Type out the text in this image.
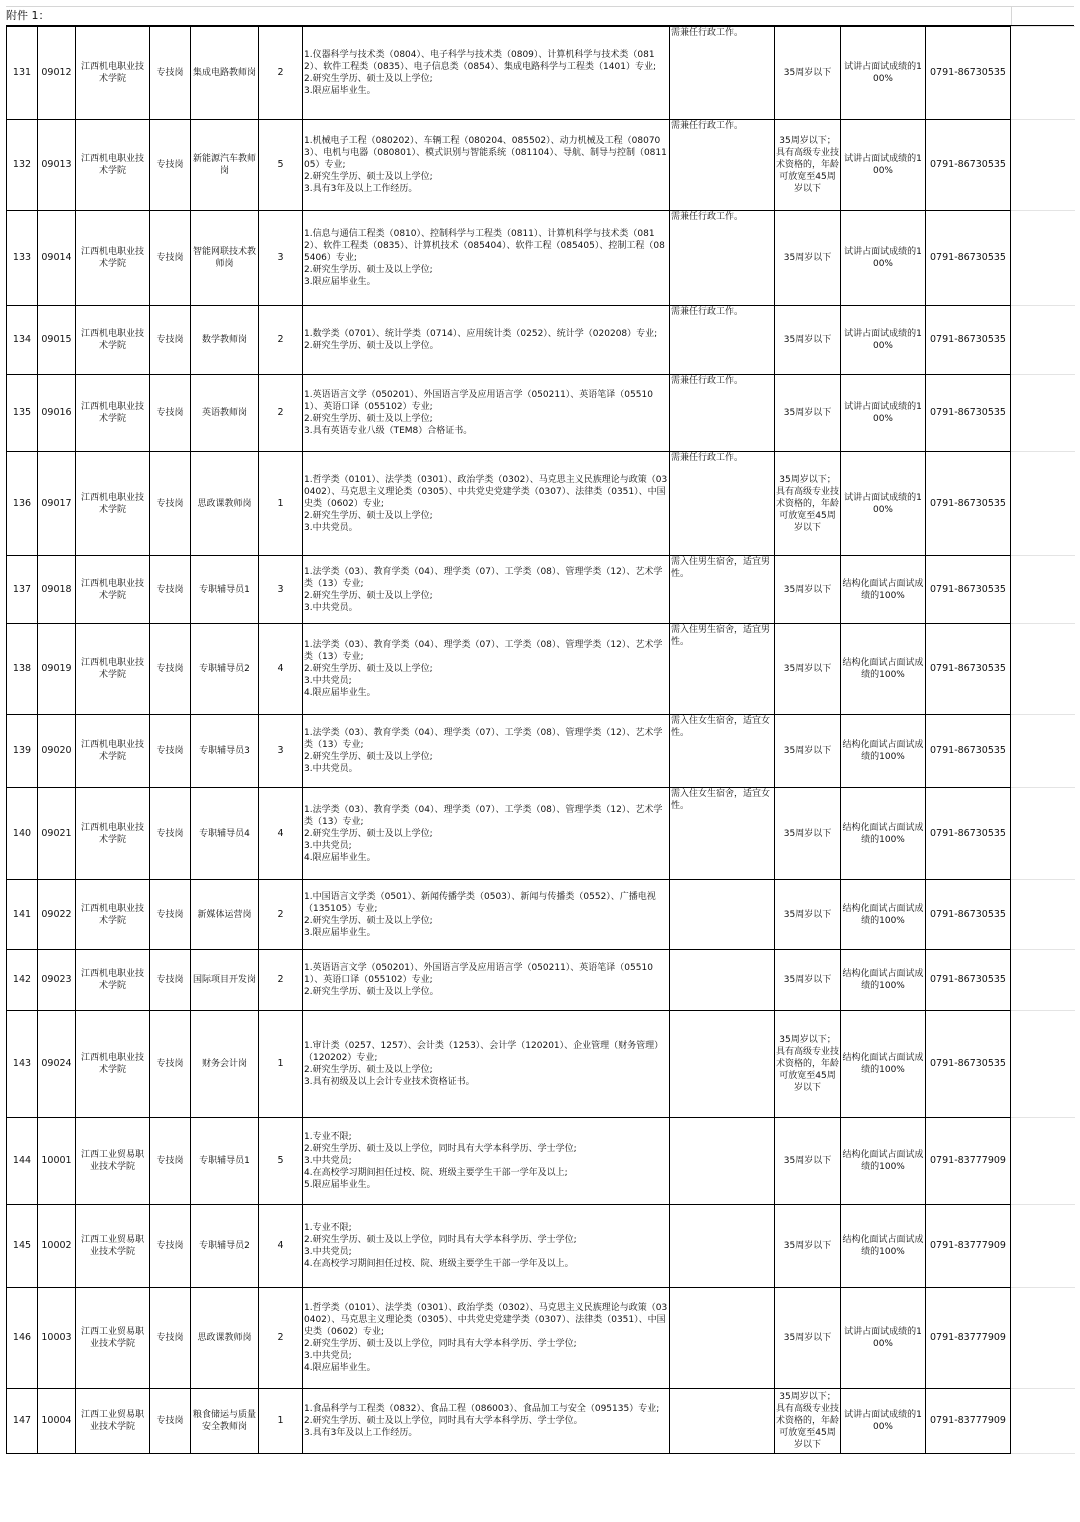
附件 1：
131	09012	江西机电职业技术学院	专技岗	集成电路教师岗	2	1.仪器科学与技术类（0804）、电子科学与技术类（0809）、计算机科学与技术类（0812）、软件工程类（0835）、电子信息类（0854）、集成电路科学与工程类（1401）专业;
2.研究生学历、硕士及以上学位;
3.限应届毕业生。	需兼任行政工作。	35周岁以下	试讲占面试成绩的100%	0791-86730535	
132	09013	江西机电职业技术学院	专技岗	新能源汽车教师岗	5	1.机械电子工程（080202）、车辆工程（080204、085502）、动力机械及工程（080703）、电机与电器（080801）、模式识别与智能系统（081104）、导航、制导与控制（081105）专业;
2.研究生学历、硕士及以上学位;
3.具有3年及以上工作经历。	需兼任行政工作。	35周岁以下；具有高级专业技术资格的，年龄可放宽至45周岁以下	试讲占面试成绩的100%	0791-86730535	
133	09014	江西机电职业技术学院	专技岗	智能网联技术教师岗	3	1.信息与通信工程类（0810）、控制科学与工程类（0811）、计算机科学与技术类（0812）、软件工程类（0835）、计算机技术（085404）、软件工程（085405）、控制工程（085406）专业;
2.研究生学历、硕士及以上学位;
3.限应届毕业生。	需兼任行政工作。	35周岁以下	试讲占面试成绩的100%	0791-86730535	
134	09015	江西机电职业技术学院	专技岗	数学教师岗	2	1.数学类（0701）、统计学类（0714）、应用统计类（0252）、统计学（020208）专业;
2.研究生学历、硕士及以上学位。	需兼任行政工作。	35周岁以下	试讲占面试成绩的100%	0791-86730535	
135	09016	江西机电职业技术学院	专技岗	英语教师岗	2	1.英语语言文学（050201）、外国语言学及应用语言学（050211）、英语笔译（055101）、英语口译（055102）专业;
2.研究生学历、硕士及以上学位;
3.具有英语专业八级（TEM8）合格证书。	需兼任行政工作。	35周岁以下	试讲占面试成绩的100%	0791-86730535	
136	09017	江西机电职业技术学院	专技岗	思政课教师岗	1	1.哲学类（0101）、法学类（0301）、政治学类（0302）、马克思主义民族理论与政策（030402）、马克思主义理论类（0305）、中共党史党建学类（0307）、法律类（0351）、中国史类（0602）专业;
2.研究生学历、硕士及以上学位;
3.中共党员。	需兼任行政工作。	35周岁以下；具有高级专业技术资格的，年龄可放宽至45周岁以下	试讲占面试成绩的100%	0791-86730535	
137	09018	江西机电职业技术学院	专技岗	专职辅导员1	3	1.法学类（03）、教育学类（04）、理学类（07）、工学类（08）、管理学类（12）、艺术学类（13）专业;
2.研究生学历、硕士及以上学位;
3.中共党员。	需入住男生宿舍，适宜男性。	35周岁以下	结构化面试占面试成绩的100%	0791-86730535	
138	09019	江西机电职业技术学院	专技岗	专职辅导员2	4	1.法学类（03）、教育学类（04）、理学类（07）、工学类（08）、管理学类（12）、艺术学类（13）专业;
2.研究生学历、硕士及以上学位;
3.中共党员;
4.限应届毕业生。	需入住男生宿舍，适宜男性。	35周岁以下	结构化面试占面试成绩的100%	0791-86730535	
139	09020	江西机电职业技术学院	专技岗	专职辅导员3	3	1.法学类（03）、教育学类（04）、理学类（07）、工学类（08）、管理学类（12）、艺术学类（13）专业;
2.研究生学历、硕士及以上学位;
3.中共党员。	需入住女生宿舍，适宜女性。	35周岁以下	结构化面试占面试成绩的100%	0791-86730535	
140	09021	江西机电职业技术学院	专技岗	专职辅导员4	4	1.法学类（03）、教育学类（04）、理学类（07）、工学类（08）、管理学类（12）、艺术学类（13）专业;
2.研究生学历、硕士及以上学位;
3.中共党员;
4.限应届毕业生。	需入住女生宿舍，适宜女性。	35周岁以下	结构化面试占面试成绩的100%	0791-86730535	
141	09022	江西机电职业技术学院	专技岗	新媒体运营岗	2	1.中国语言文学类（0501）、新闻传播学类（0503）、新闻与传播类（0552）、广播电视（135105）专业;
2.研究生学历、硕士及以上学位;
3.限应届毕业生。		35周岁以下	结构化面试占面试成绩的100%	0791-86730535	
142	09023	江西机电职业技术学院	专技岗	国际项目开发岗	2	1.英语语言文学（050201）、外国语言学及应用语言学（050211）、英语笔译（055101）、英语口译（055102）专业;
2.研究生学历、硕士及以上学位。		35周岁以下	结构化面试占面试成绩的100%	0791-86730535	
143	09024	江西机电职业技术学院	专技岗	财务会计岗	1	1.审计类（0257、1257）、会计类（1253）、会计学（120201）、企业管理（财务管理）（120202）专业;
2.研究生学历、硕士及以上学位;
3.具有初级及以上会计专业技术资格证书。		35周岁以下；具有高级专业技术资格的，年龄可放宽至45周岁以下	结构化面试占面试成绩的100%	0791-86730535	
144	10001	江西工业贸易职业技术学院	专技岗	专职辅导员1	5	1.专业不限;
2.研究生学历、硕士及以上学位，同时具有大学本科学历、学士学位;
3.中共党员;
4.在高校学习期间担任过校、院、班级主要学生干部一学年及以上;
5.限应届毕业生。		35周岁以下	结构化面试占面试成绩的100%	0791-83777909	
145	10002	江西工业贸易职业技术学院	专技岗	专职辅导员2	4	1.专业不限;
2.研究生学历、硕士及以上学位，同时具有大学本科学历、学士学位;
3.中共党员;
4.在高校学习期间担任过校、院、班级主要学生干部一学年及以上。		35周岁以下	结构化面试占面试成绩的100%	0791-83777909	
146	10003	江西工业贸易职业技术学院	专技岗	思政课教师岗	2	1.哲学类（0101）、法学类（0301）、政治学类（0302）、马克思主义民族理论与政策（030402）、马克思主义理论类（0305）、中共党史党建学类（0307）、法律类（0351）、中国史类（0602）专业;
2.研究生学历、硕士及以上学位，同时具有大学本科学历、学士学位;
3.中共党员;
4.限应届毕业生。		35周岁以下	试讲占面试成绩的100%	0791-83777909	
147	10004	江西工业贸易职业技术学院	专技岗	粮食储运与质量安全教师岗	1	1.食品科学与工程类（0832）、食品工程（086003）、食品加工与安全（095135）专业;
2.研究生学历、硕士及以上学位，同时具有大学本科学历、学士学位。
3.具有3年及以上工作经历。		35周岁以下；具有高级专业技术资格的，年龄可放宽至45周岁以下	试讲占面试成绩的100%	0791-83777909	
